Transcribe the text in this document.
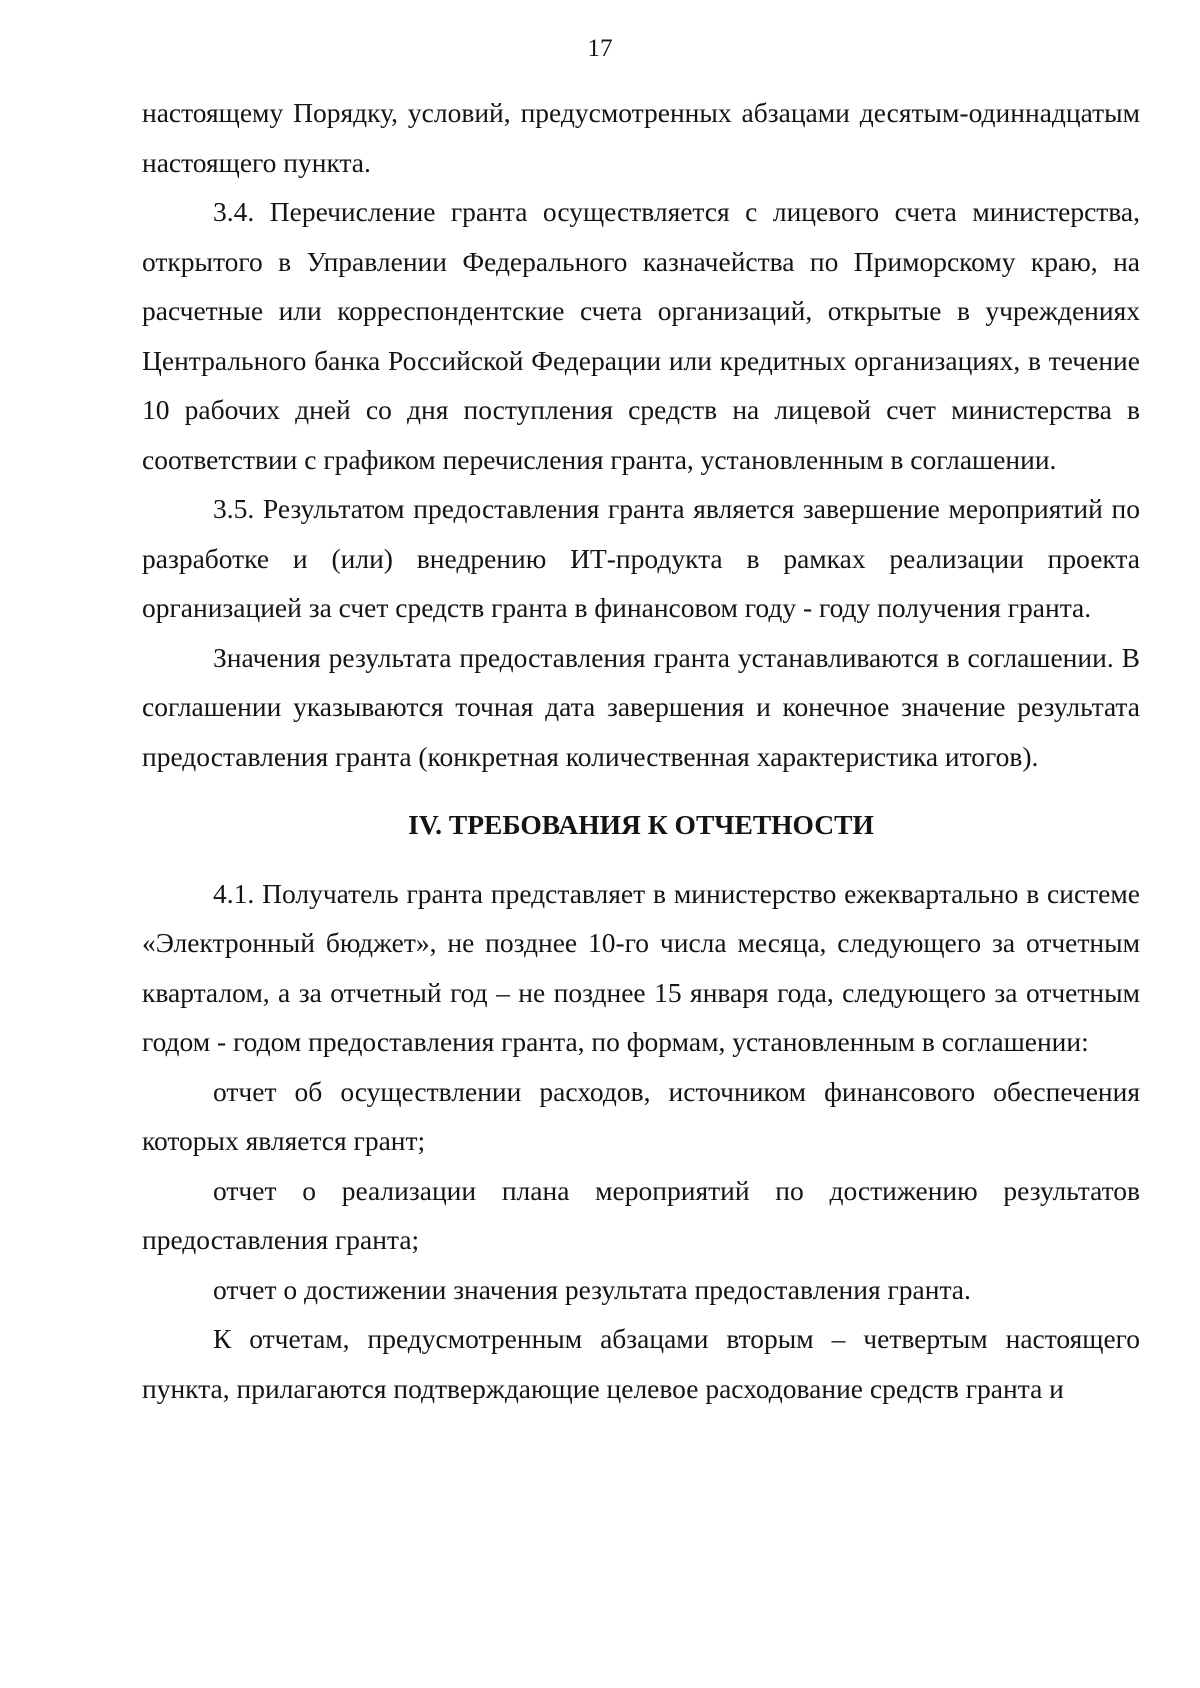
17

настоящему Порядку, условий, предусмотренных абзацами десятым-одиннадцатым настоящего пункта.

3.4. Перечисление гранта осуществляется с лицевого счета министерства, открытого в Управлении Федерального казначейства по Приморскому краю, на расчетные или корреспондентские счета организаций, открытые в учреждениях Центрального банка Российской Федерации или кредитных организациях, в течение 10 рабочих дней со дня поступления средств на лицевой счет министерства в соответствии с графиком перечисления гранта, установленным в соглашении.

3.5. Результатом предоставления гранта является завершение мероприятий по разработке и (или) внедрению ИТ-продукта в рамках реализации проекта организацией за счет средств гранта в финансовом году - году получения гранта.

Значения результата предоставления гранта устанавливаются в соглашении. В соглашении указываются точная дата завершения и конечное значение результата предоставления гранта (конкретная количественная характеристика итогов).

IV. ТРЕБОВАНИЯ К ОТЧЕТНОСТИ

4.1. Получатель гранта представляет в министерство ежеквартально в системе «Электронный бюджет», не позднее 10-го числа месяца, следующего за отчетным кварталом, а за отчетный год – не позднее 15 января года, следующего за отчетным годом - годом предоставления гранта, по формам, установленным в соглашении:

отчет об осуществлении расходов, источником финансового обеспечения которых является грант;

отчет о реализации плана мероприятий по достижению результатов предоставления гранта;

отчет о достижении значения результата предоставления гранта.

К отчетам, предусмотренным абзацами вторым – четвертым настоящего пункта, прилагаются подтверждающие целевое расходование средств гранта и
